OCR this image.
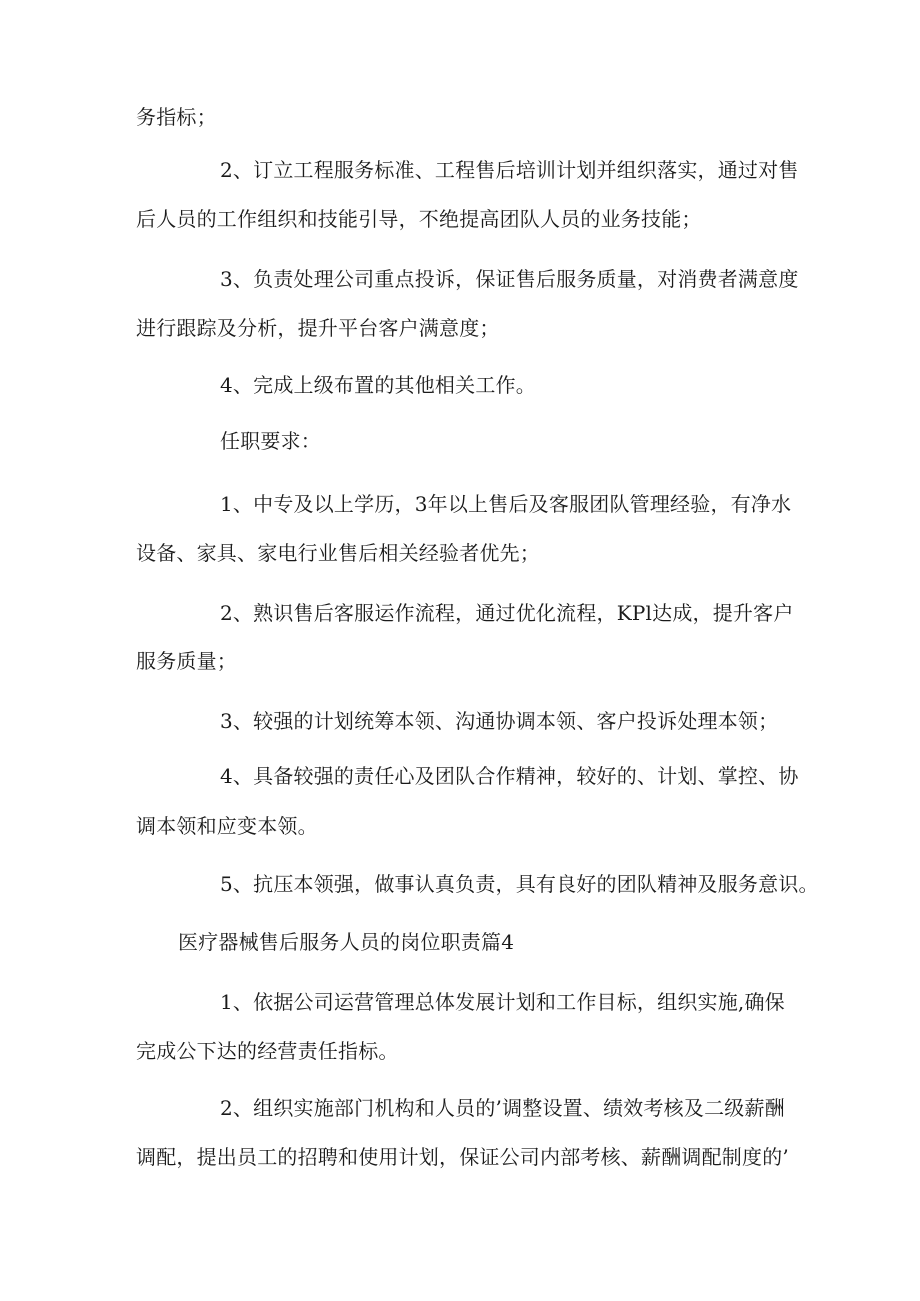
务指标；
2、订立工程服务标准、工程售后培训计划并组织落实，通过对售
后人员的工作组织和技能引导，不绝提高团队人员的业务技能；
3、负责处理公司重点投诉，保证售后服务质量，对消费者满意度
进行跟踪及分析，提升平台客户满意度；
4、完成上级布置的其他相关工作。
任职要求：
1、中专及以上学历，3年以上售后及客服团队管理经验，有净水
设备、家具、家电行业售后相关经验者优先；
2、熟识售后客服运作流程，通过优化流程，KPl达成，提升客户
服务质量；
3、较强的计划统筹本领、沟通协调本领、客户投诉处理本领；
4、具备较强的责任心及团队合作精神，较好的、计划、掌控、协
调本领和应变本领。
5、抗压本领强，做事认真负责，具有良好的团队精神及服务意识。
医疗器械售后服务人员的岗位职责篇4
1、依据公司运营管理总体发展计划和工作目标，组织实施,确保
完成公下达的经营责任指标。
2、组织实施部门机构和人员的’调整设置、绩效考核及二级薪酬
调配，提出员工的招聘和使用计划，保证公司内部考核、薪酬调配制度的’
